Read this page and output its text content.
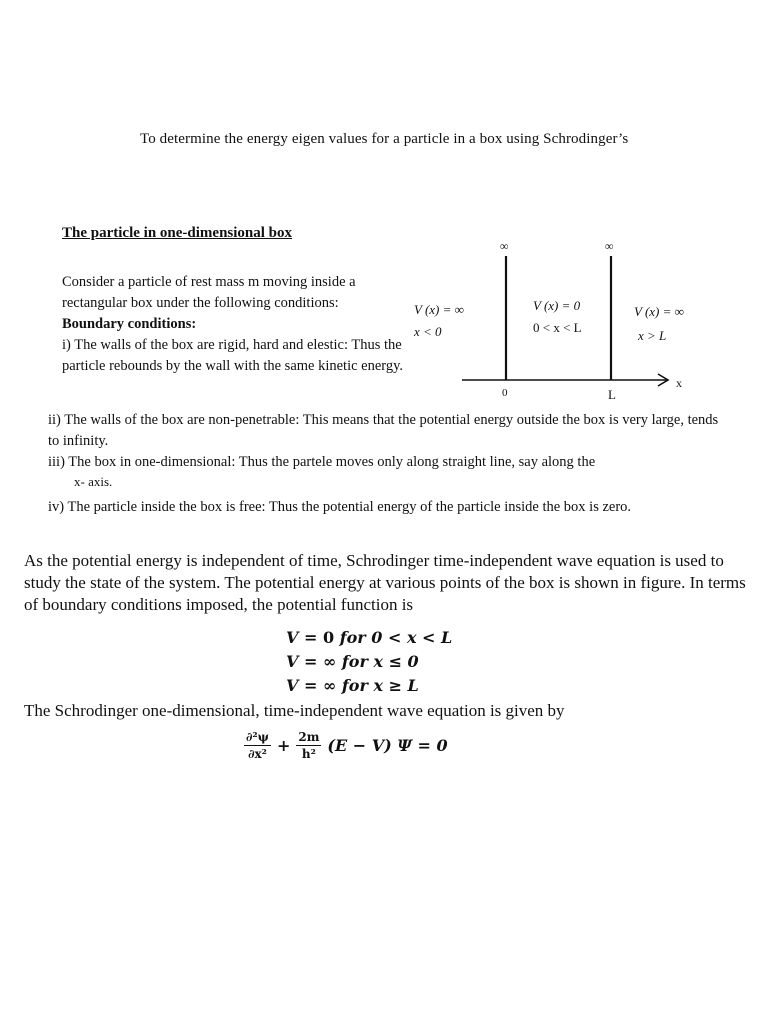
To determine the energy eigen values for a particle in a box using Schrodinger’s
The particle in one-dimensional box

Consider a particle of rest mass m moving inside a rectangular box under the following conditions:

Boundary conditions:

i) The walls of the box are rigid, hard and elestic: Thus the particle rebounds by the wall with the same kinetic energy.

∞	∞
V (x) = ∞
x < 0
V (x) = 0
0 < x < L
V (x) = ∞
x > L
0	L
x

ii) The walls of the box are non-penetrable: This means that the potential energy outside the box is very large, tends to infinity.

iii) The box in one-dimensional: Thus the partele moves only along straight line, say along the

x- axis.

iv) The particle inside the box is free: Thus the potential energy of the particle inside the box is zero.

As the potential energy is independent of time, Schrodinger time-independent wave equation is used to study the state of the system. The potential energy at various points of the box is shown in figure. In terms of boundary conditions imposed, the potential function is

V = 0 for 0 < x < L
V = ∞ for x ≤ 0
V = ∞ for x ≥ L
The Schrodinger one-dimensional, time-independent wave equation is given by
$\frac{\text{∂²ψ}}{\text{∂x²}} + \frac{2m}{\text{h²}} (E - V) \Psi = 0$
